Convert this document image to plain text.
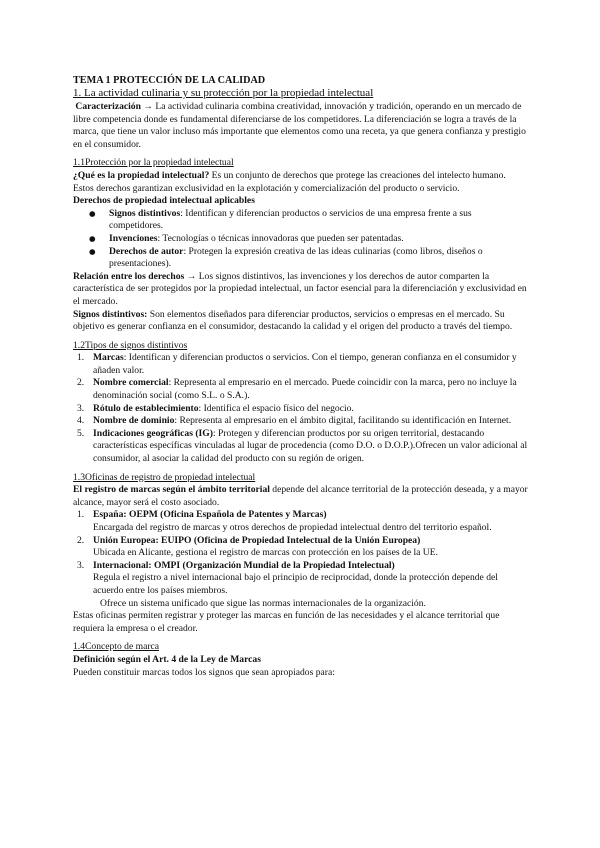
TEMA 1 PROTECCIÓN DE LA CALIDAD

1. La actividad culinaria y su protección por la propiedad intelectual

Caracterización → La actividad culinaria combina creatividad, innovación y tradición, operando en un mercado de libre competencia donde es fundamental diferenciarse de los competidores. La diferenciación se logra a través de la marca, que tiene un valor incluso más importante que elementos como una receta, ya que genera confianza y prestigio en el consumidor.

1.1Protección por la propiedad intelectual

¿Qué es la propiedad intelectual? Es un conjunto de derechos que protege las creaciones del intelecto humano. Estos derechos garantizan exclusividad en la explotación y comercialización del producto o servicio.

Derechos de propiedad intelectual aplicables

● Signos distintivos: Identifican y diferencian productos o servicios de una empresa frente a sus competidores.
● Invenciones: Tecnologías o técnicas innovadoras que pueden ser patentadas.
● Derechos de autor: Protegen la expresión creativa de las ideas culinarias (como libros, diseños o presentaciones).

Relación entre los derechos → Los signos distintivos, las invenciones y los derechos de autor comparten la característica de ser protegidos por la propiedad intelectual, un factor esencial para la diferenciación y exclusividad en el mercado.

Signos distintivos: Son elementos diseñados para diferenciar productos, servicios o empresas en el mercado. Su objetivo es generar confianza en el consumidor, destacando la calidad y el origen del producto a través del tiempo.

1.2Tipos de signos distintivos

1. Marcas: Identifican y diferencian productos o servicios. Con el tiempo, generan confianza en el consumidor y añaden valor.
2. Nombre comercial: Representa al empresario en el mercado. Puede coincidir con la marca, pero no incluye la denominación social (como S.L. o S.A.).
3. Rótulo de establecimiento: Identifica el espacio físico del negocio.
4. Nombre de dominio: Representa al empresario en el ámbito digital, facilitando su identificación en Internet.
5. Indicaciones geográficas (IG): Protegen y diferencian productos por su origen territorial, destacando características específicas vinculadas al lugar de procedencia (como D.O. o D.O.P.).Ofrecen un valor adicional al consumidor, al asociar la calidad del producto con su región de origen.

1.3Oficinas de registro de propiedad intelectual

El registro de marcas según el ámbito territorial depende del alcance territorial de la protección deseada, y a mayor alcance, mayor será el costo asociado.

1. España: OEPM (Oficina Española de Patentes y Marcas)
Encargada del registro de marcas y otros derechos de propiedad intelectual dentro del territorio español.
2. Unión Europea: EUIPO (Oficina de Propiedad Intelectual de la Unión Europea)
Ubicada en Alicante, gestiona el registro de marcas con protección en los países de la UE.
3. Internacional: OMPI (Organización Mundial de la Propiedad Intelectual)
Regula el registro a nivel internacional bajo el principio de reciprocidad, donde la protección depende del acuerdo entre los países miembros.
Ofrece un sistema unificado que sigue las normas internacionales de la organización.

Estas oficinas permiten registrar y proteger las marcas en función de las necesidades y el alcance territorial que requiera la empresa o el creador.

1.4Concepto de marca

Definición según el Art. 4 de la Ley de Marcas

Pueden constituir marcas todos los signos que sean apropiados para:
